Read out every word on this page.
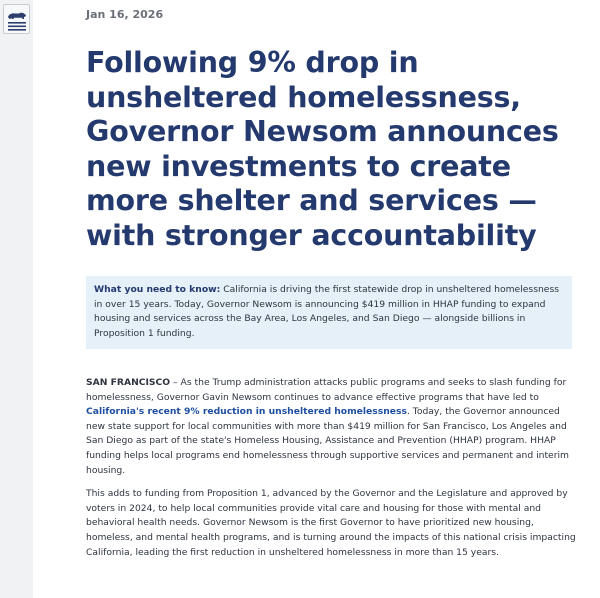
Jan 16, 2026
Following 9% drop in unsheltered homelessness, Governor Newsom announces new investments to create more shelter and services — with stronger accountability
What you need to know: California is driving the first statewide drop in unsheltered homelessness in over 15 years. Today, Governor Newsom is announcing $419 million in HHAP funding to expand housing and services across the Bay Area, Los Angeles, and San Diego — alongside billions in Proposition 1 funding.

SAN FRANCISCO – As the Trump administration attacks public programs and seeks to slash funding for homelessness, Governor Gavin Newsom continues to advance effective programs that have led to California's recent 9% reduction in unsheltered homelessness. Today, the Governor announced new state support for local communities with more than $419 million for San Francisco, Los Angeles and San Diego as part of the state's Homeless Housing, Assistance and Prevention (HHAP) program. HHAP funding helps local programs end homelessness through supportive services and permanent and interim housing.

This adds to funding from Proposition 1, advanced by the Governor and the Legislature and approved by voters in 2024, to help local communities provide vital care and housing for those with mental and behavioral health needs. Governor Newsom is the first Governor to have prioritized new housing, homeless, and mental health programs, and is turning around the impacts of this national crisis impacting California, leading the first reduction in unsheltered homelessness in more than 15 years.
